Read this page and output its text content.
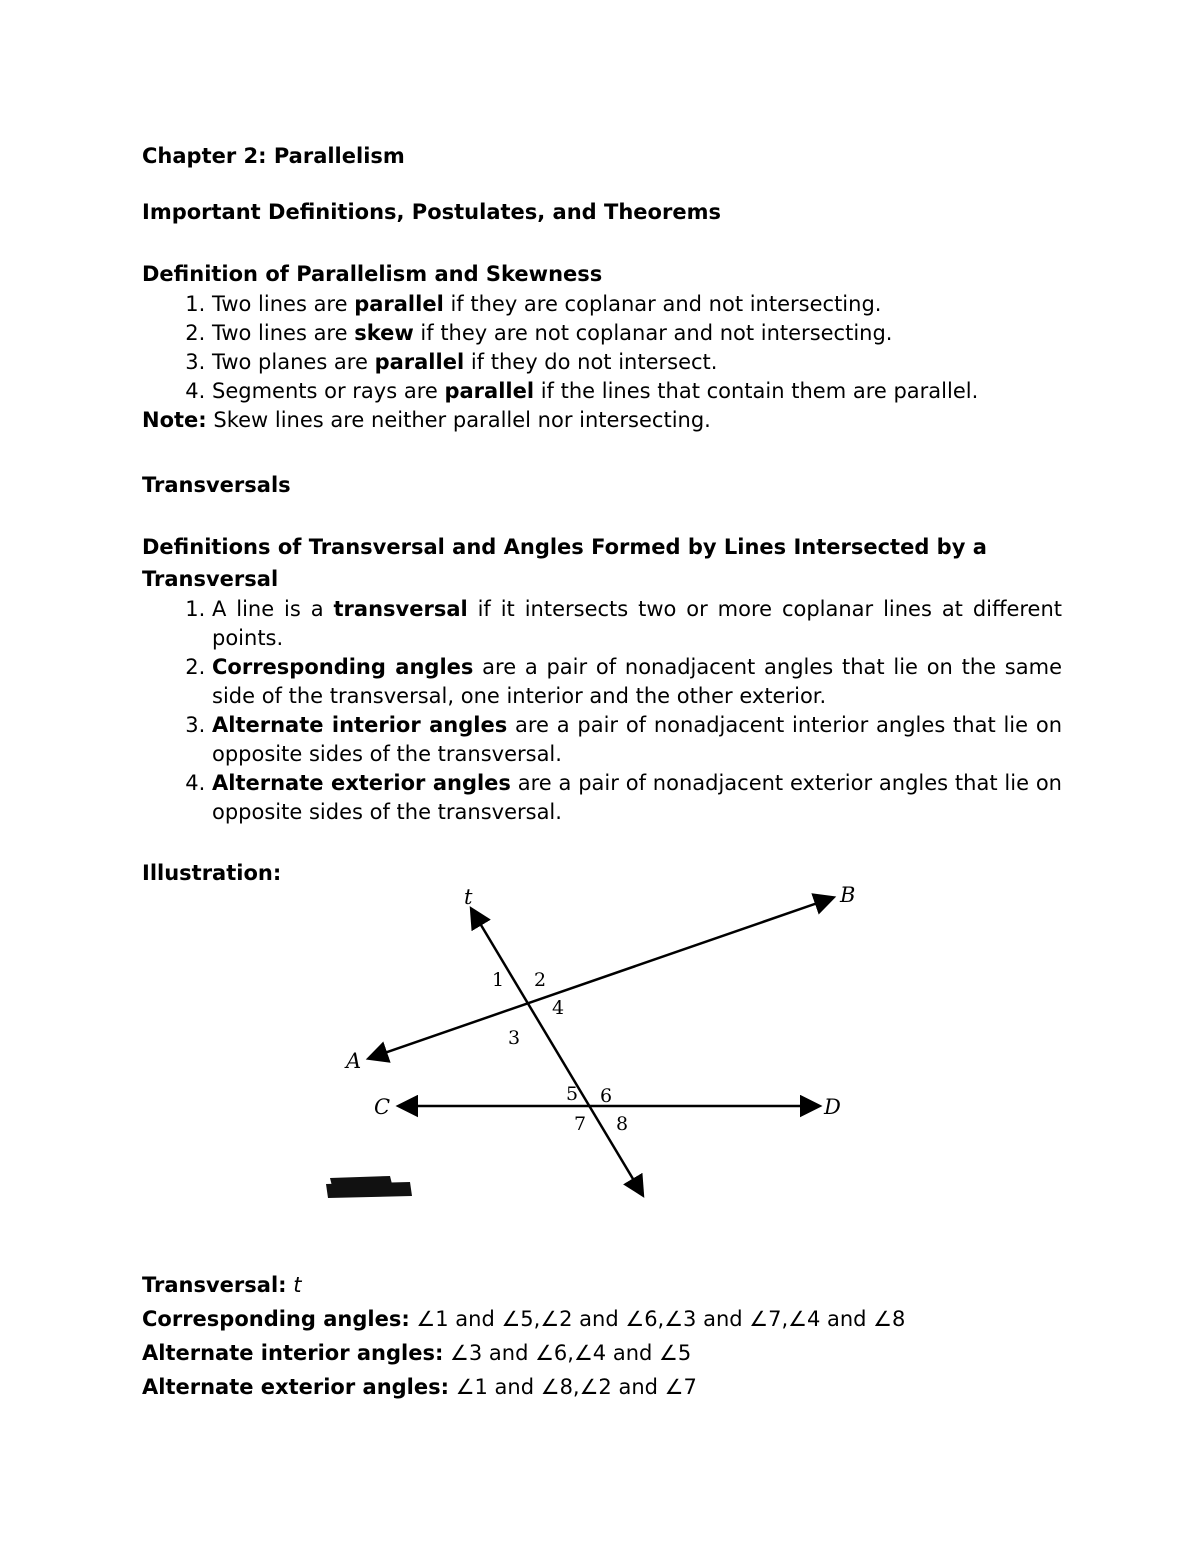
Chapter 2: Parallelism

Important Definitions, Postulates, and Theorems

Definition of Parallelism and Skewness

1. Two lines are parallel if they are coplanar and not intersecting.
2. Two lines are skew if they are not coplanar and not intersecting.
3. Two planes are parallel if they do not intersect.
4. Segments or rays are parallel if the lines that contain them are parallel.

Note: Skew lines are neither parallel nor intersecting.

Transversals

Definitions of Transversal and Angles Formed by Lines Intersected by a Transversal

1. A line is a transversal if it intersects two or more coplanar lines at different points.
2. Corresponding angles are a pair of nonadjacent angles that lie on the same side of the transversal, one interior and the other exterior.
3. Alternate interior angles are a pair of nonadjacent interior angles that lie on opposite sides of the transversal.
4. Alternate exterior angles are a pair of nonadjacent exterior angles that lie on opposite sides of the transversal.

Illustration:

t	B
A
C	D
1 2
3
4
5 6
7 8
Transversal: t
Corresponding angles: ∠1 and ∠5,∠2 and ∠6,∠3 and ∠7,∠4 and ∠8
Alternate interior angles: ∠3 and ∠6,∠4 and ∠5
Alternate exterior angles: ∠1 and ∠8,∠2 and ∠7
